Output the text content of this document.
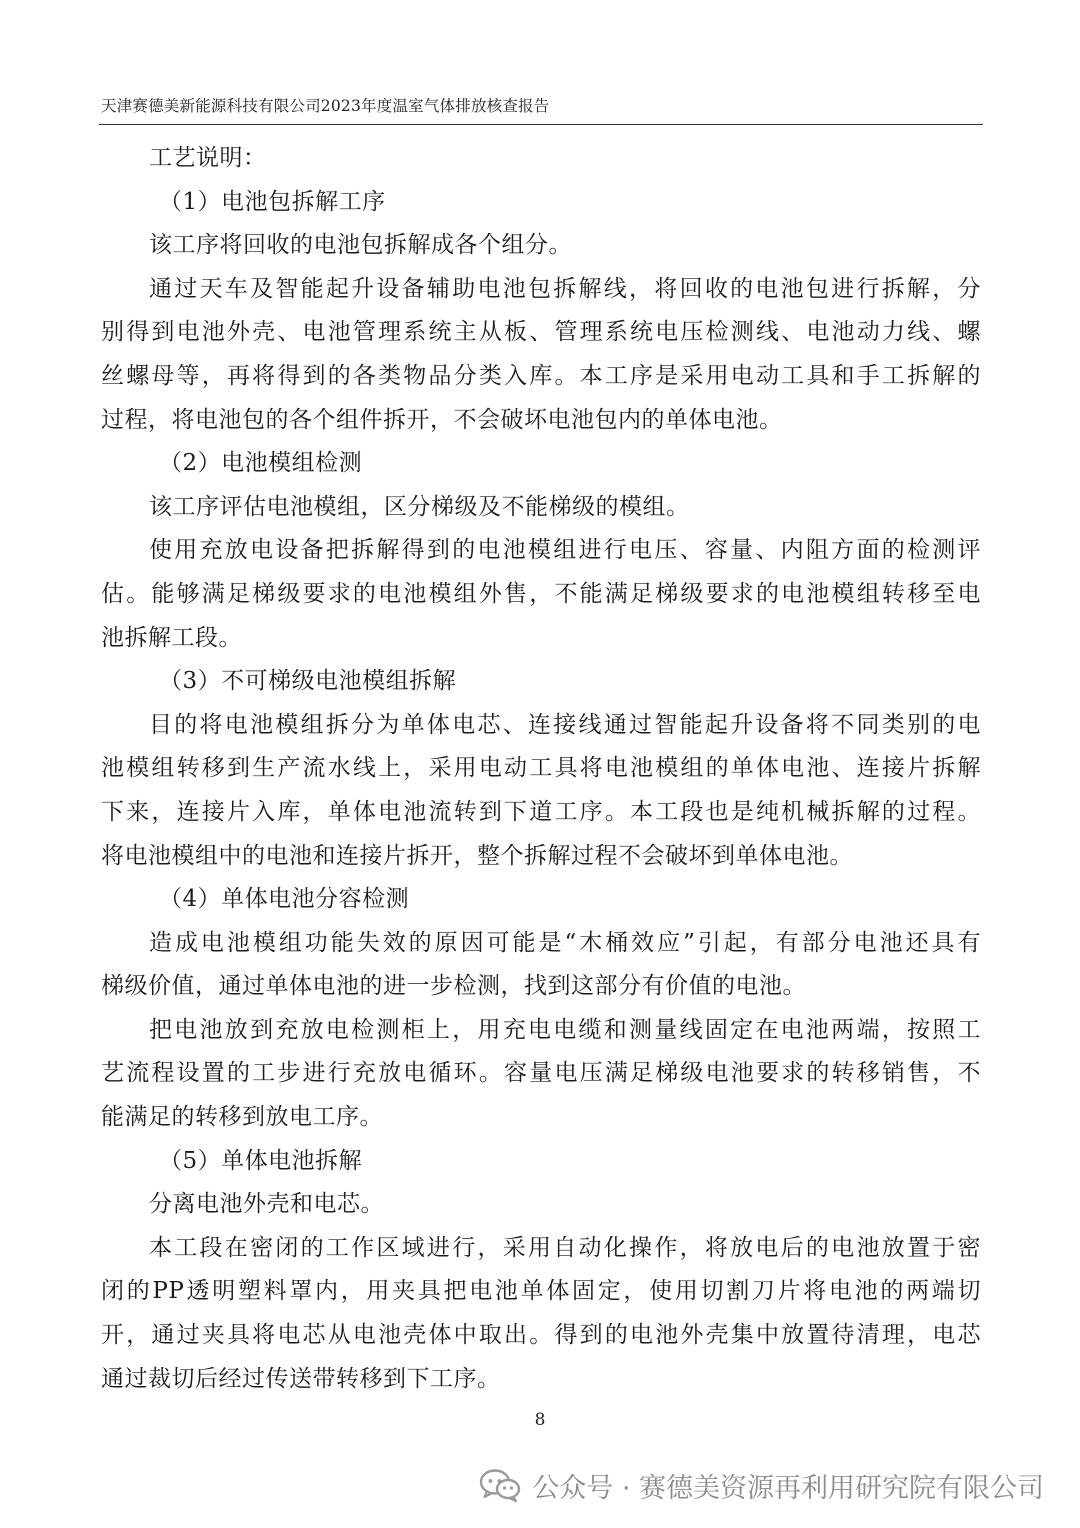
天津赛德美新能源科技有限公司2023年度温室气体排放核查报告
工艺说明：
（1）电池包拆解工序
该工序将回收的电池包拆解成各个组分。
通过天车及智能起升设备辅助电池包拆解线，将回收的电池包进行拆解，分
别得到电池外壳、电池管理系统主从板、管理系统电压检测线、电池动力线、螺
丝螺母等，再将得到的各类物品分类入库。本工序是采用电动工具和手工拆解的
过程，将电池包的各个组件拆开，不会破坏电池包内的单体电池。
（2）电池模组检测
该工序评估电池模组，区分梯级及不能梯级的模组。
使用充放电设备把拆解得到的电池模组进行电压、容量、内阻方面的检测评
估。能够满足梯级要求的电池模组外售，不能满足梯级要求的电池模组转移至电
池拆解工段。
（3）不可梯级电池模组拆解
目的将电池模组拆分为单体电芯、连接线通过智能起升设备将不同类别的电
池模组转移到生产流水线上，采用电动工具将电池模组的单体电池、连接片拆解
下来，连接片入库，单体电池流转到下道工序。本工段也是纯机械拆解的过程。
将电池模组中的电池和连接片拆开，整个拆解过程不会破坏到单体电池。
（4）单体电池分容检测
造成电池模组功能失效的原因可能是“木桶效应”引起，有部分电池还具有
梯级价值，通过单体电池的进一步检测，找到这部分有价值的电池。
把电池放到充放电检测柜上，用充电电缆和测量线固定在电池两端，按照工
艺流程设置的工步进行充放电循环。容量电压满足梯级电池要求的转移销售，不
能满足的转移到放电工序。
（5）单体电池拆解
分离电池外壳和电芯。
本工段在密闭的工作区域进行，采用自动化操作，将放电后的电池放置于密
闭的PP透明塑料罩内，用夹具把电池单体固定，使用切割刀片将电池的两端切
开，通过夹具将电芯从电池壳体中取出。得到的电池外壳集中放置待清理，电芯
通过裁切后经过传送带转移到下工序。
8
公众号 · 赛德美资源再利用研究院有限公司
